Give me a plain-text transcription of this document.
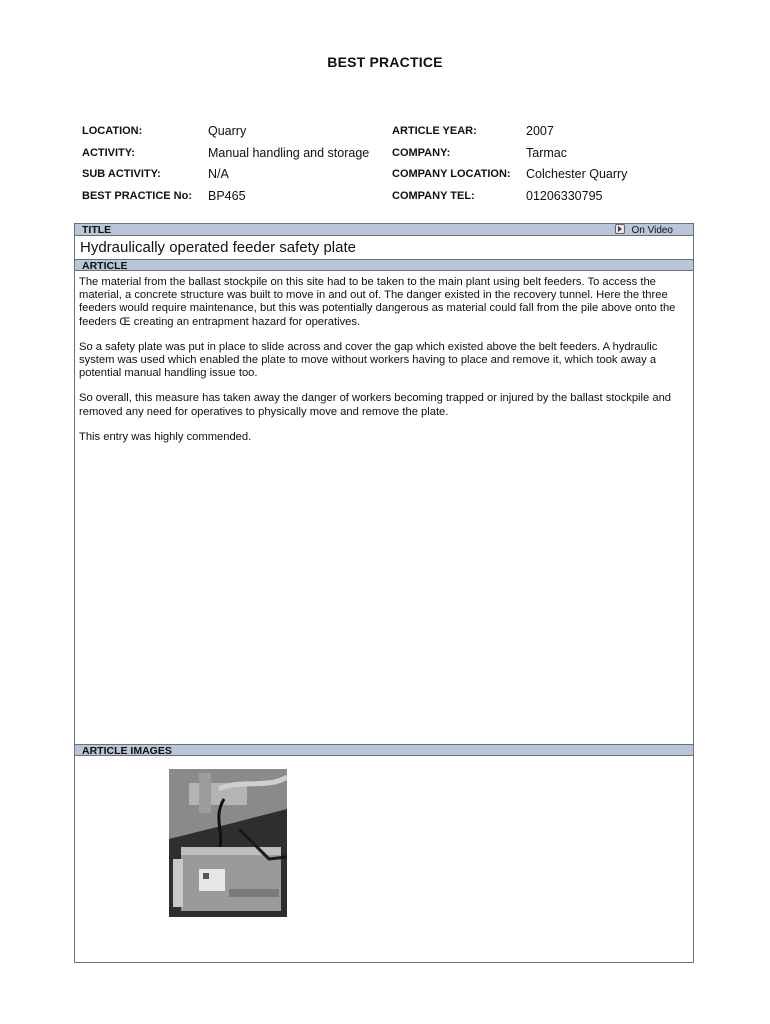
BEST PRACTICE
LOCATION:	Quarry
ACTIVITY:	Manual handling and storage
SUB ACTIVITY:	N/A
BEST PRACTICE No: BP465
ARTICLE YEAR:	2007
COMPANY:	Tarmac
COMPANY LOCATION: Colchester Quarry
COMPANY TEL:	01206330795
TITLE	On Video
Hydraulically operated feeder safety plate
ARTICLE

The material from the ballast stockpile on this site had to be taken to the main plant using belt feeders. To access the material, a concrete structure was built to move in and out of. The danger existed in the recovery tunnel. Here the three feeders would require maintenance, but this was potentially dangerous as material could fall from the pile above onto the feeders Œ creating an entrapment hazard for operatives.

So a safety plate was put in place to slide across and cover the gap which existed above the belt feeders. A hydraulic system was used which enabled the plate to move without workers having to place and remove it, which took away a potential manual handling issue too.

So overall, this measure has taken away the danger of workers becoming trapped or injured by the ballast stockpile and removed any need for operatives to physically move and remove the plate.

This entry was highly commended.

ARTICLE IMAGES
